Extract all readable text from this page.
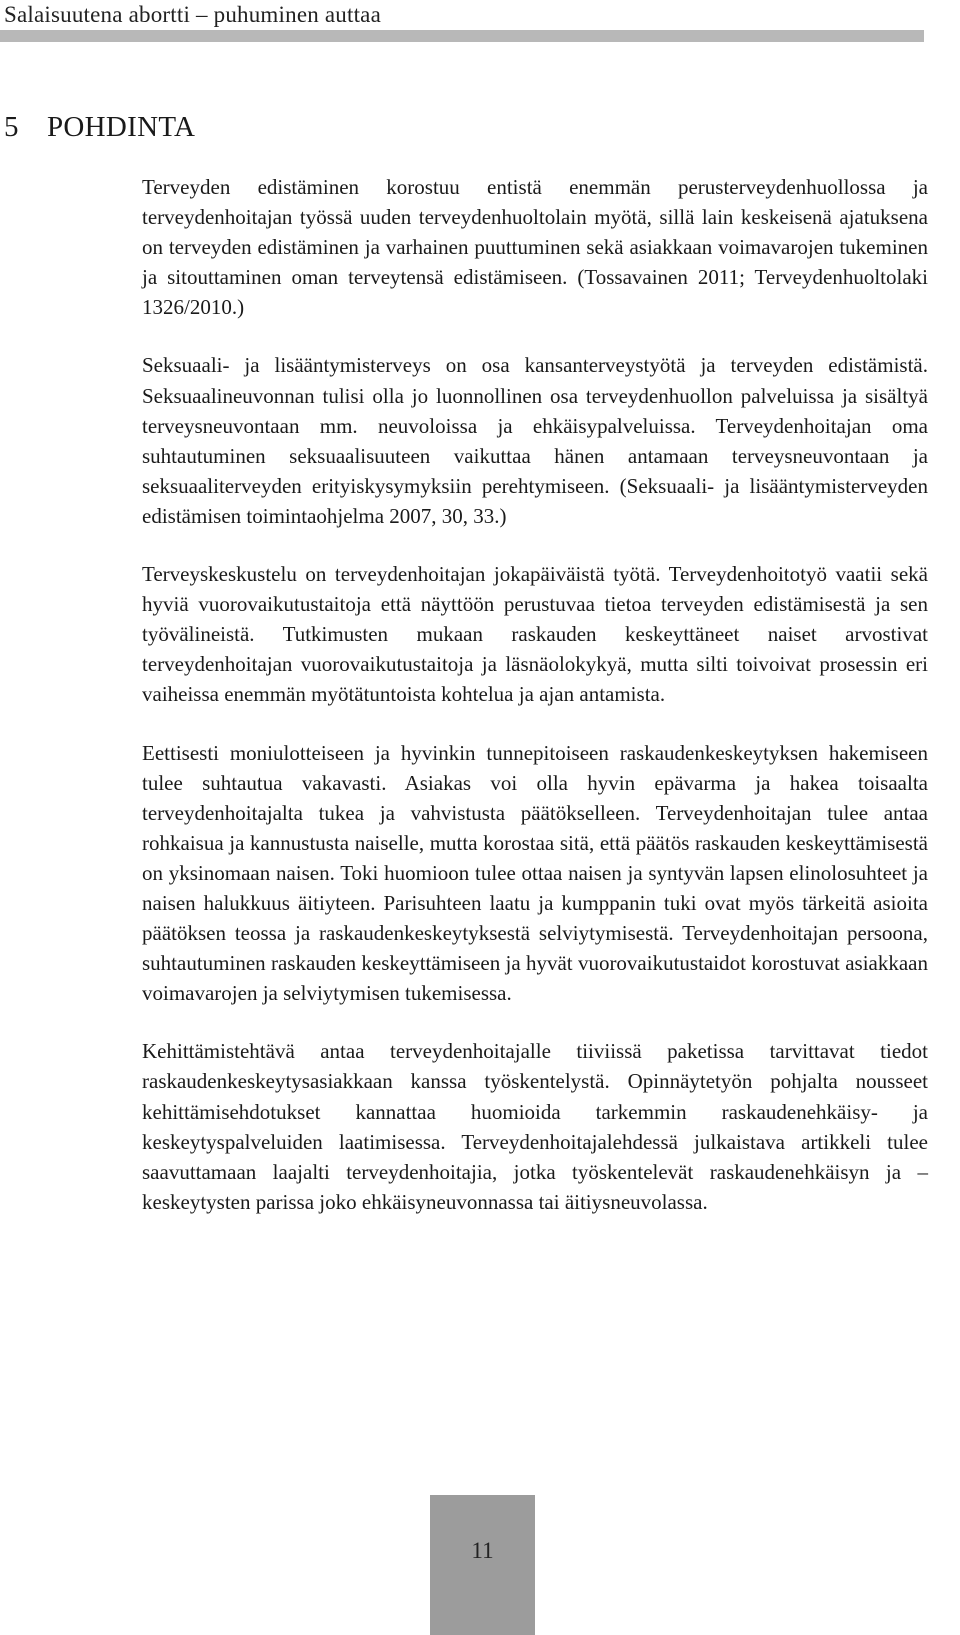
Salaisuutena abortti – puhuminen auttaa
5 POHDINTA

Terveyden edistäminen korostuu entistä enemmän perusterveydenhuollossa ja terveydenhoitajan työssä uuden terveydenhuoltolain myötä, sillä lain keskeisenä ajatuksena on terveyden edistäminen ja varhainen puuttuminen sekä asiakkaan voimavarojen tukeminen ja sitouttaminen oman terveytensä edistämiseen. (Tossavainen 2011; Terveydenhuoltolaki 1326/2010.)

Seksuaali- ja lisääntymisterveys on osa kansanterveystyötä ja terveyden edistämistä. Seksuaalineuvonnan tulisi olla jo luonnollinen osa terveydenhuollon palveluissa ja sisältyä terveysneuvontaan mm. neuvoloissa ja ehkäisypalveluissa. Terveydenhoitajan oma suhtautuminen seksuaalisuuteen vaikuttaa hänen antamaan terveysneuvontaan ja seksuaaliterveyden erityiskysymyksiin perehtymiseen. (Seksuaali- ja lisääntymisterveyden edistämisen toimintaohjelma 2007, 30, 33.)

Terveyskeskustelu on terveydenhoitajan jokapäiväistä työtä. Terveydenhoitotyö vaatii sekä hyviä vuorovaikutustaitoja että näyttöön perustuvaa tietoa terveyden edistämisestä ja sen työvälineistä. Tutkimusten mukaan raskauden keskeyttäneet naiset arvostivat terveydenhoitajan vuorovaikutustaitoja ja läsnäolokykyä, mutta silti toivoivat prosessin eri vaiheissa enemmän myötätuntoista kohtelua ja ajan antamista.

Eettisesti moniulotteiseen ja hyvinkin tunnepitoiseen raskaudenkeskeytyksen hakemiseen tulee suhtautua vakavasti. Asiakas voi olla hyvin epävarma ja hakea toisaalta terveydenhoitajalta tukea ja vahvistusta päätökselleen. Terveydenhoitajan tulee antaa rohkaisua ja kannustusta naiselle, mutta korostaa sitä, että päätös raskauden keskeyttämisestä on yksinomaan naisen. Toki huomioon tulee ottaa naisen ja syntyvän lapsen elinolosuhteet ja naisen halukkuus äitiyteen. Parisuhteen laatu ja kumppanin tuki ovat myös tärkeitä asioita päätöksen teossa ja raskaudenkeskeytyksestä selviytymisestä. Terveydenhoitajan persoona, suhtautuminen raskauden keskeyttämiseen ja hyvät vuorovaikutustaidot korostuvat asiakkaan voimavarojen ja selviytymisen tukemisessa.

Kehittämistehtävä antaa terveydenhoitajalle tiiviissä paketissa tarvittavat tiedot raskaudenkeskeytysasiakkaan kanssa työskentelystä. Opinnäytetyön pohjalta nousseet kehittämisehdotukset kannattaa huomioida tarkemmin raskaudenehkäisy- ja keskeytyspalveluiden laatimisessa. Terveydenhoitajalehdessä julkaistava artikkeli tulee saavuttamaan laajalti terveydenhoitajia, jotka työskentelevät raskaudenehkäisyn ja –keskeytysten parissa joko ehkäisyneuvonnassa tai äitiysneuvolassa.

11
